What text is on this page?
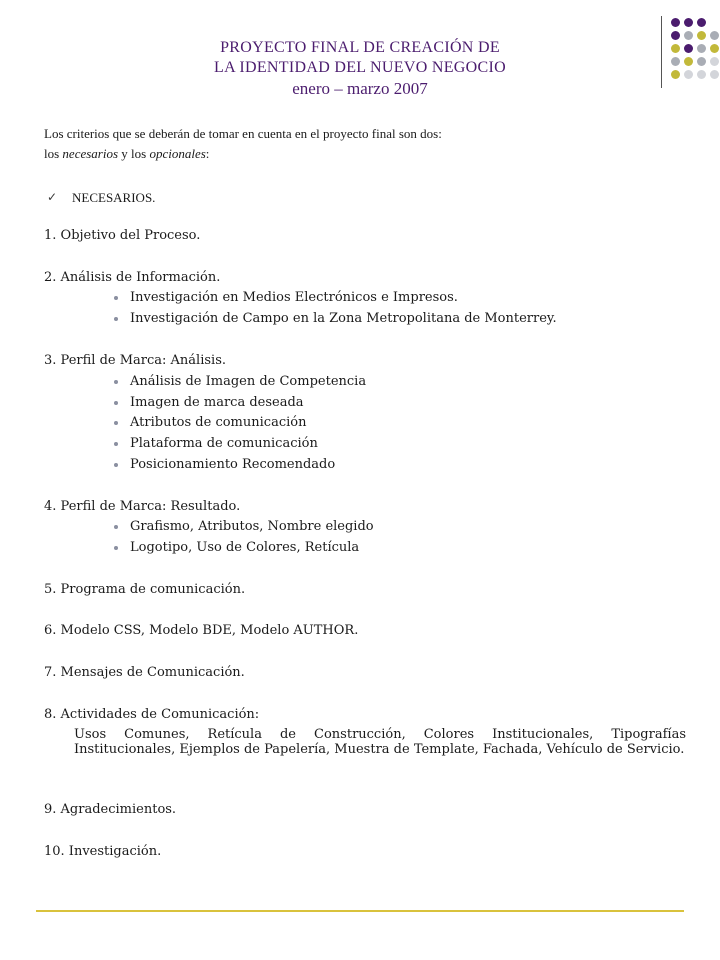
PROYECTO FINAL DE CREACIÓN DE
LA IDENTIDAD DEL NUEVO NEGOCIO
enero – marzo 2007
Los criterios que se deberán de tomar en cuenta en el proyecto final son dos:
los necesarios y los opcionales:
✓ NECESARIOS.
1. Objetivo del Proceso.
2. Análisis de Información.
Investigación en Medios Electrónicos e Impresos.
Investigación de Campo en la Zona Metropolitana de Monterrey.
3. Perfil de Marca: Análisis.
Análisis de Imagen de Competencia
Imagen de marca deseada
Atributos de comunicación
Plataforma de comunicación
Posicionamiento Recomendado
4. Perfil de Marca: Resultado.
Grafismo, Atributos, Nombre elegido
Logotipo, Uso de Colores, Retícula
5. Programa de comunicación.
6. Modelo CSS, Modelo BDE, Modelo AUTHOR.
7. Mensajes de Comunicación.
8. Actividades de Comunicación:
Usos Comunes, Retícula de Construcción, Colores Institucionales, Tipografías Institucionales, Ejemplos de Papelería, Muestra de Template, Fachada, Vehículo de Servicio.
9. Agradecimientos.
10. Investigación.
